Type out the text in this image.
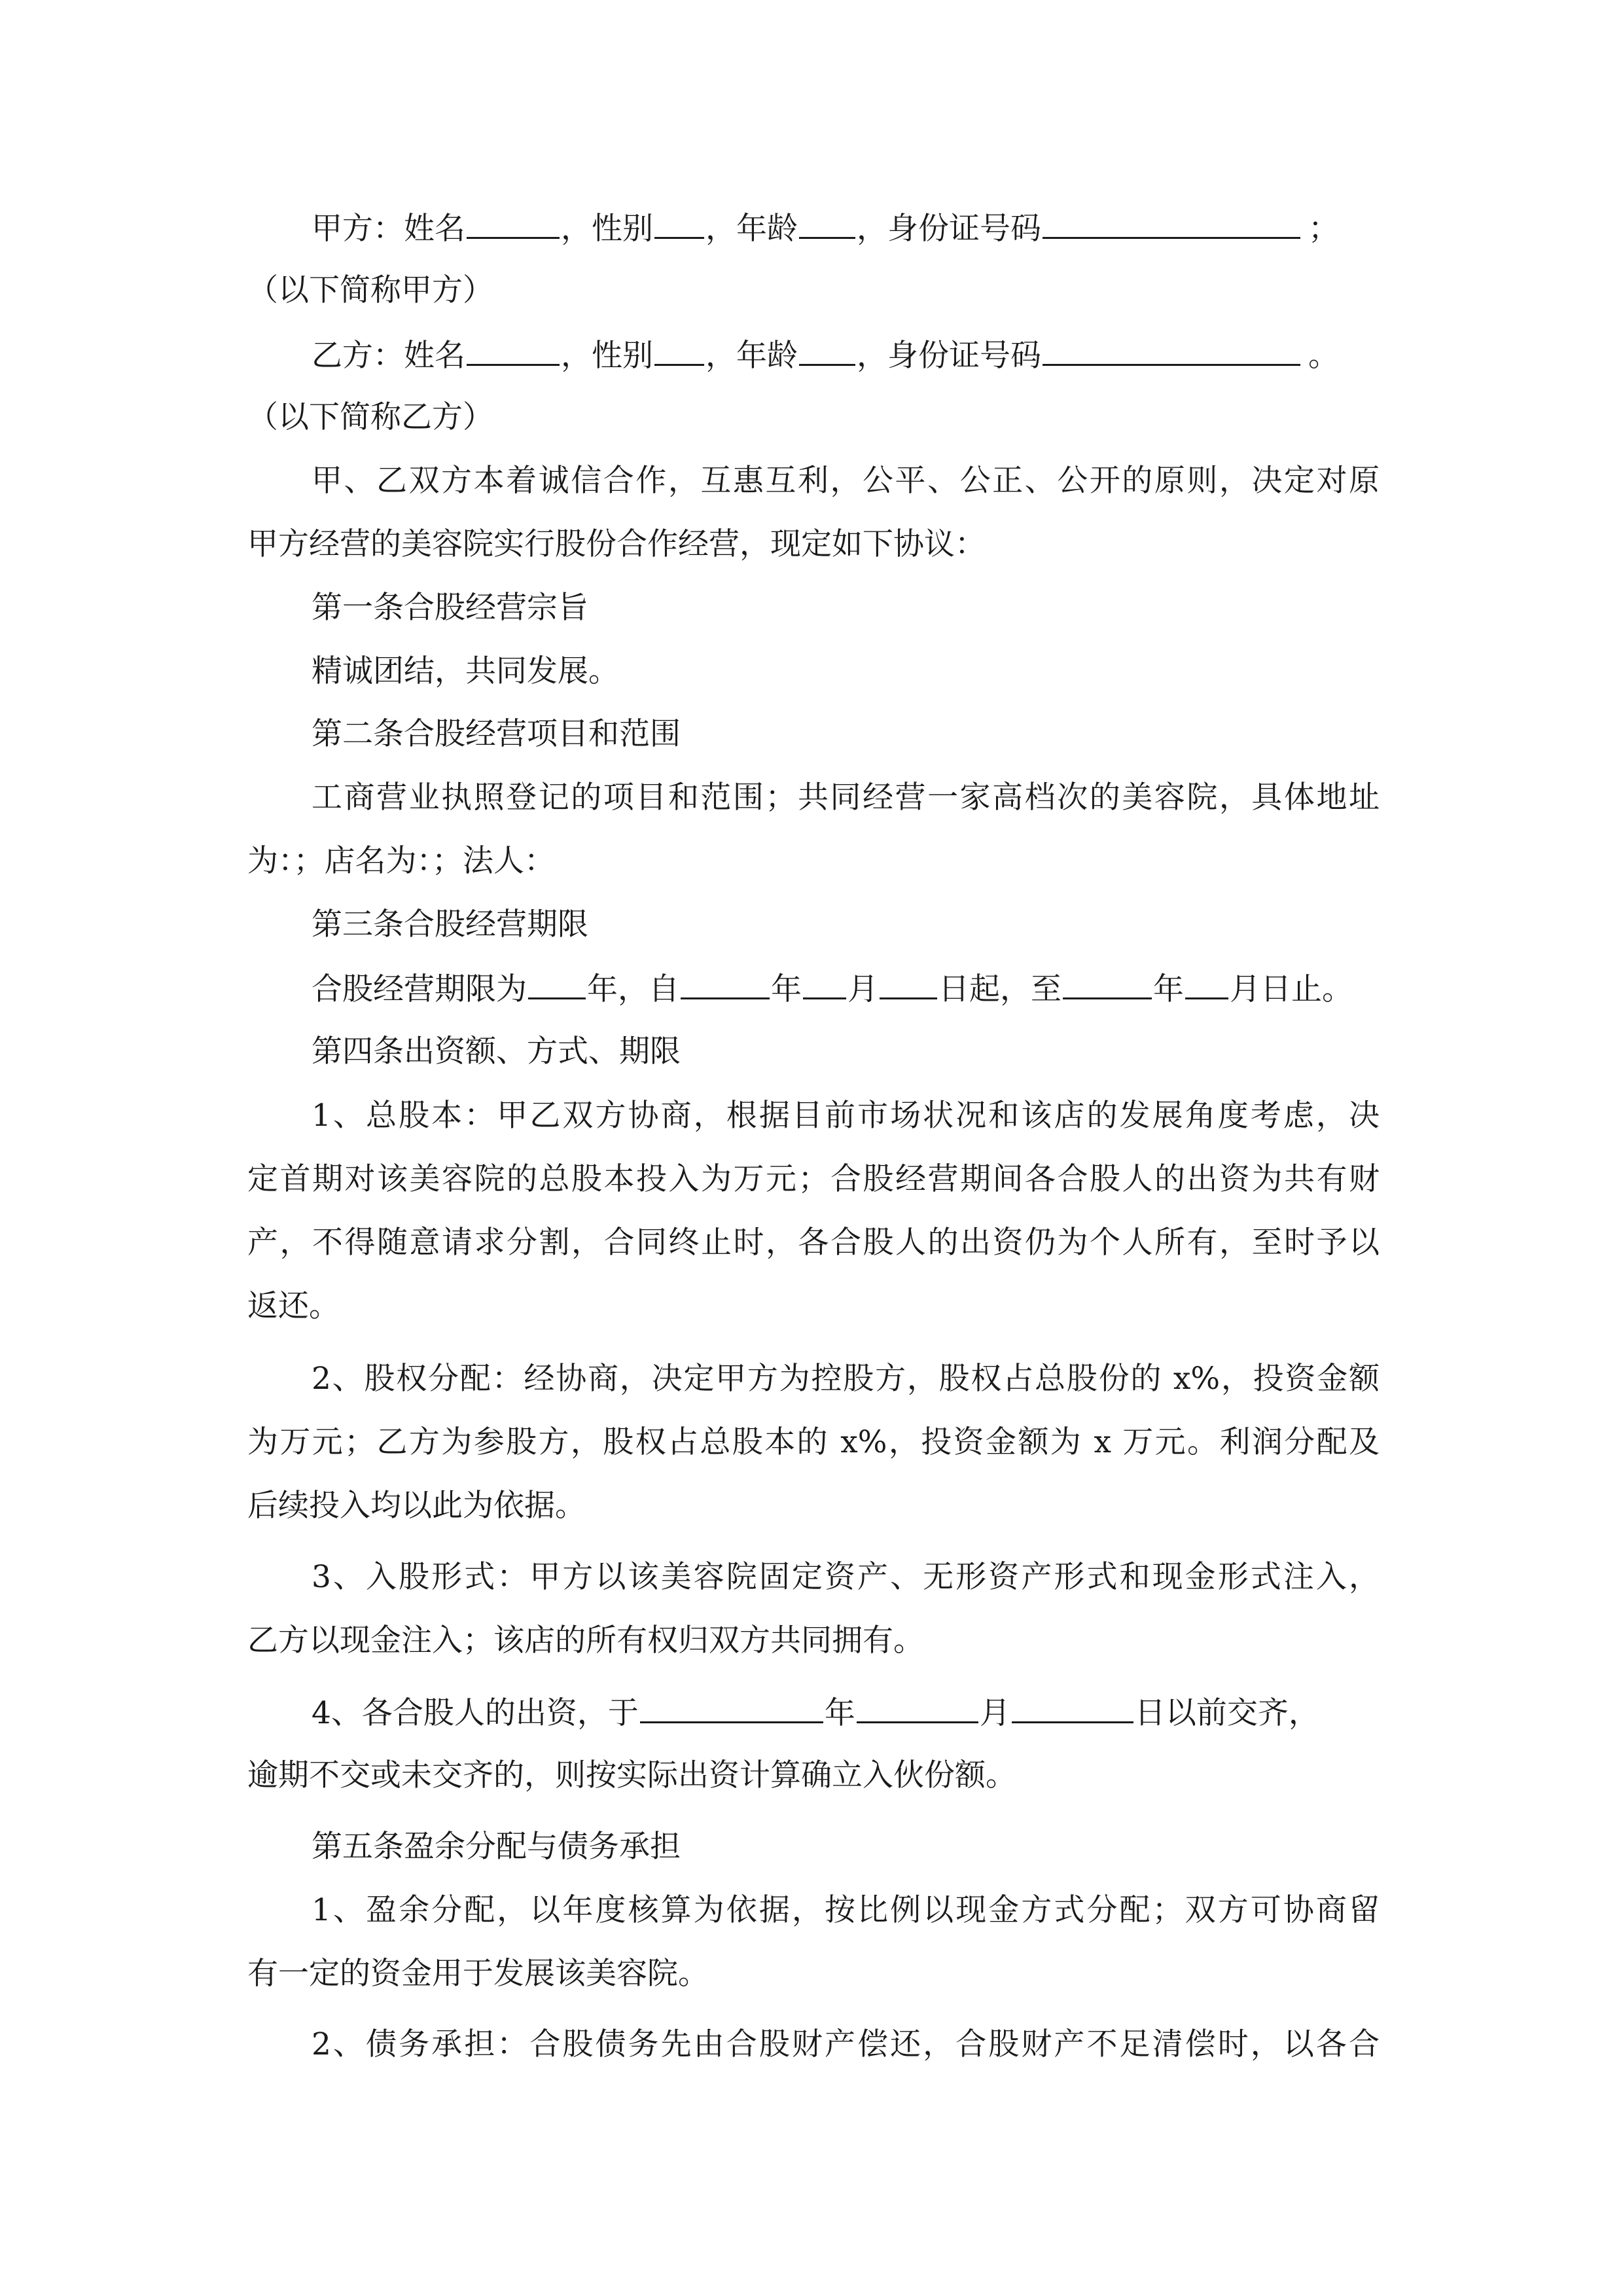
甲方：姓名	，性别 ，年龄 ，身份证号码	；
（以下简称甲方）
乙方：姓名	，性别 ，年龄 ，身份证号码	。
（以下简称乙方）
甲、乙双方本着诚信合作，互惠互利，公平、公正、公开的原则，决定对原
甲方经营的美容院实行股份合作经营，现定如下协议：
第一条合股经营宗旨
精诚团结，共同发展。
第二条合股经营项目和范围
工商营业执照登记的项目和范围；共同经营一家高档次的美容院，具体地址
为：；店名为：；法人：
第三条合股经营期限
合股经营期限为 年，自	年 月 日起，至	年 月日止。
第四条出资额、方式、期限
1、总股本：甲乙双方协商，根据目前市场状况和该店的发展角度考虑，决
定首期对该美容院的总股本投入为万元；合股经营期间各合股人的出资为共有财
产，不得随意请求分割，合同终止时，各合股人的出资仍为个人所有，至时予以
返还。
2、股权分配：经协商，决定甲方为控股方，股权占总股份的 x%，投资金额
为万元；乙方为参股方，股权占总股本的 x%，投资金额为 x 万元。利润分配及
后续投入均以此为依据。
3、入股形式：甲方以该美容院固定资产、无形资产形式和现金形式注入，
乙方以现金注入；该店的所有权归双方共同拥有。
4、各合股人的出资，于	年	月	日以前交齐，
逾期不交或未交齐的，则按实际出资计算确立入伙份额。
第五条盈余分配与债务承担
1、盈余分配，以年度核算为依据，按比例以现金方式分配；双方可协商留
有一定的资金用于发展该美容院。
2、债务承担：合股债务先由合股财产偿还，合股财产不足清偿时，以各合
